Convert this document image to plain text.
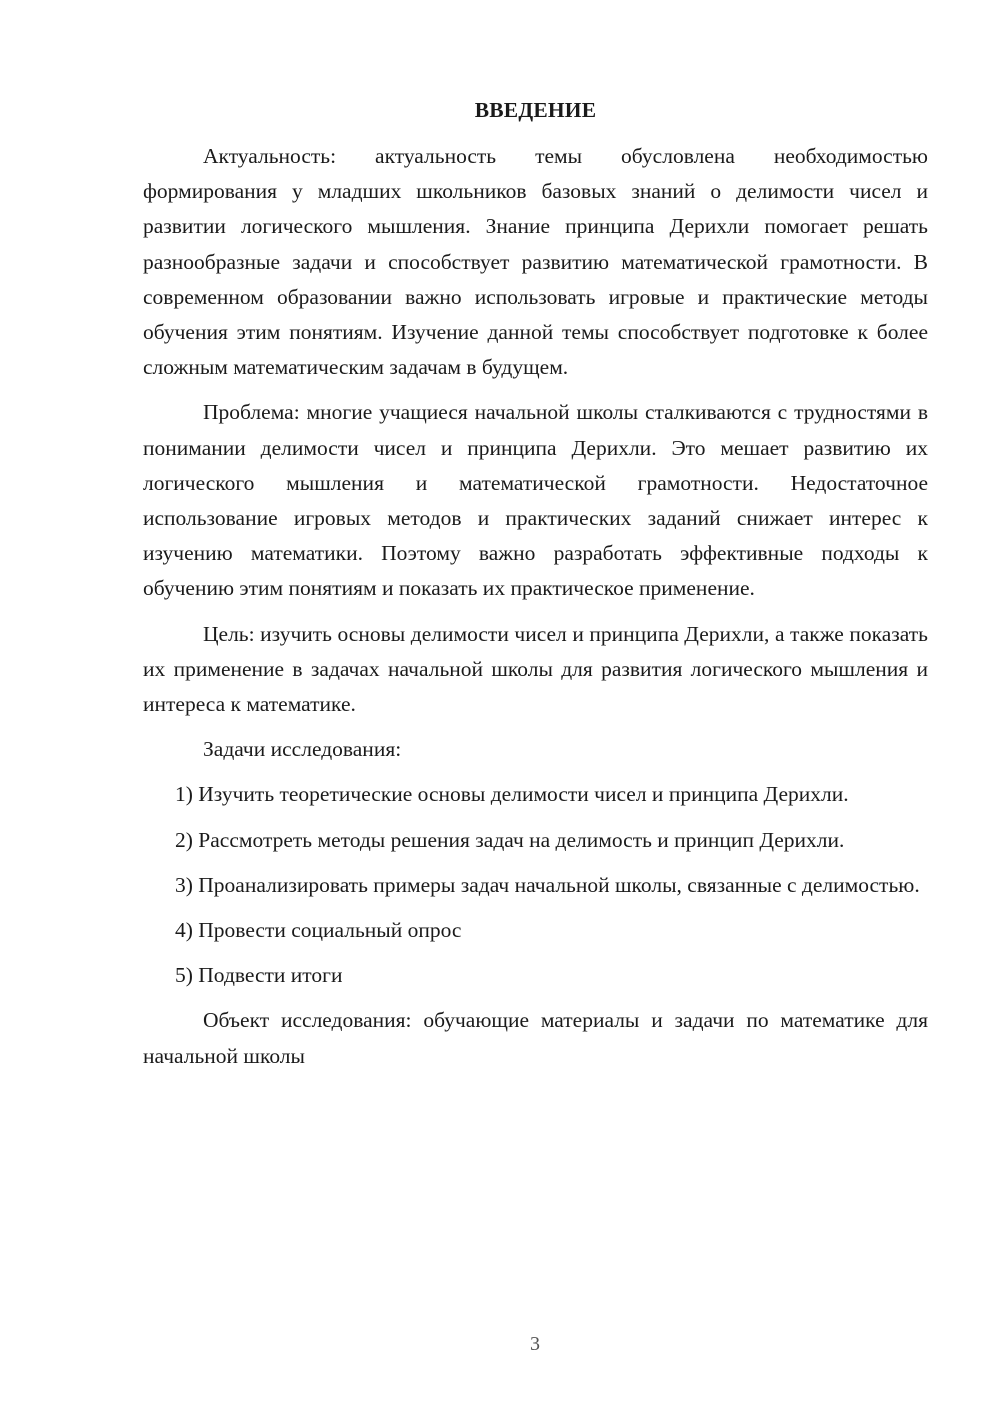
ВВЕДЕНИЕ

Актуальность: актуальность темы обусловлена необходимостью формирования у младших школьников базовых знаний о делимости чисел и развитии логического мышления. Знание принципа Дерихли помогает решать разнообразные задачи и способствует развитию математической грамотности. В современном образовании важно использовать игровые и практические методы обучения этим понятиям. Изучение данной темы способствует подготовке к более сложным математическим задачам в будущем.

Проблема: многие учащиеся начальной школы сталкиваются с трудностями в понимании делимости чисел и принципа Дерихли. Это мешает развитию их логического мышления и математической грамотности. Недостаточное использование игровых методов и практических заданий снижает интерес к изучению математики. Поэтому важно разработать эффективные подходы к обучению этим понятиям и показать их практическое применение.

Цель: изучить основы делимости чисел и принципа Дерихли, а также показать их применение в задачах начальной школы для развития логического мышления и интереса к математике.

Задачи исследования:

1) Изучить теоретические основы делимости чисел и принципа Дерихли.

2) Рассмотреть методы решения задач на делимость и принцип Дерихли.

3) Проанализировать примеры задач начальной школы, связанные с делимостью.

4) Провести социальный опрос

5) Подвести итоги

Объект исследования: обучающие материалы и задачи по математике для начальной школы

3
